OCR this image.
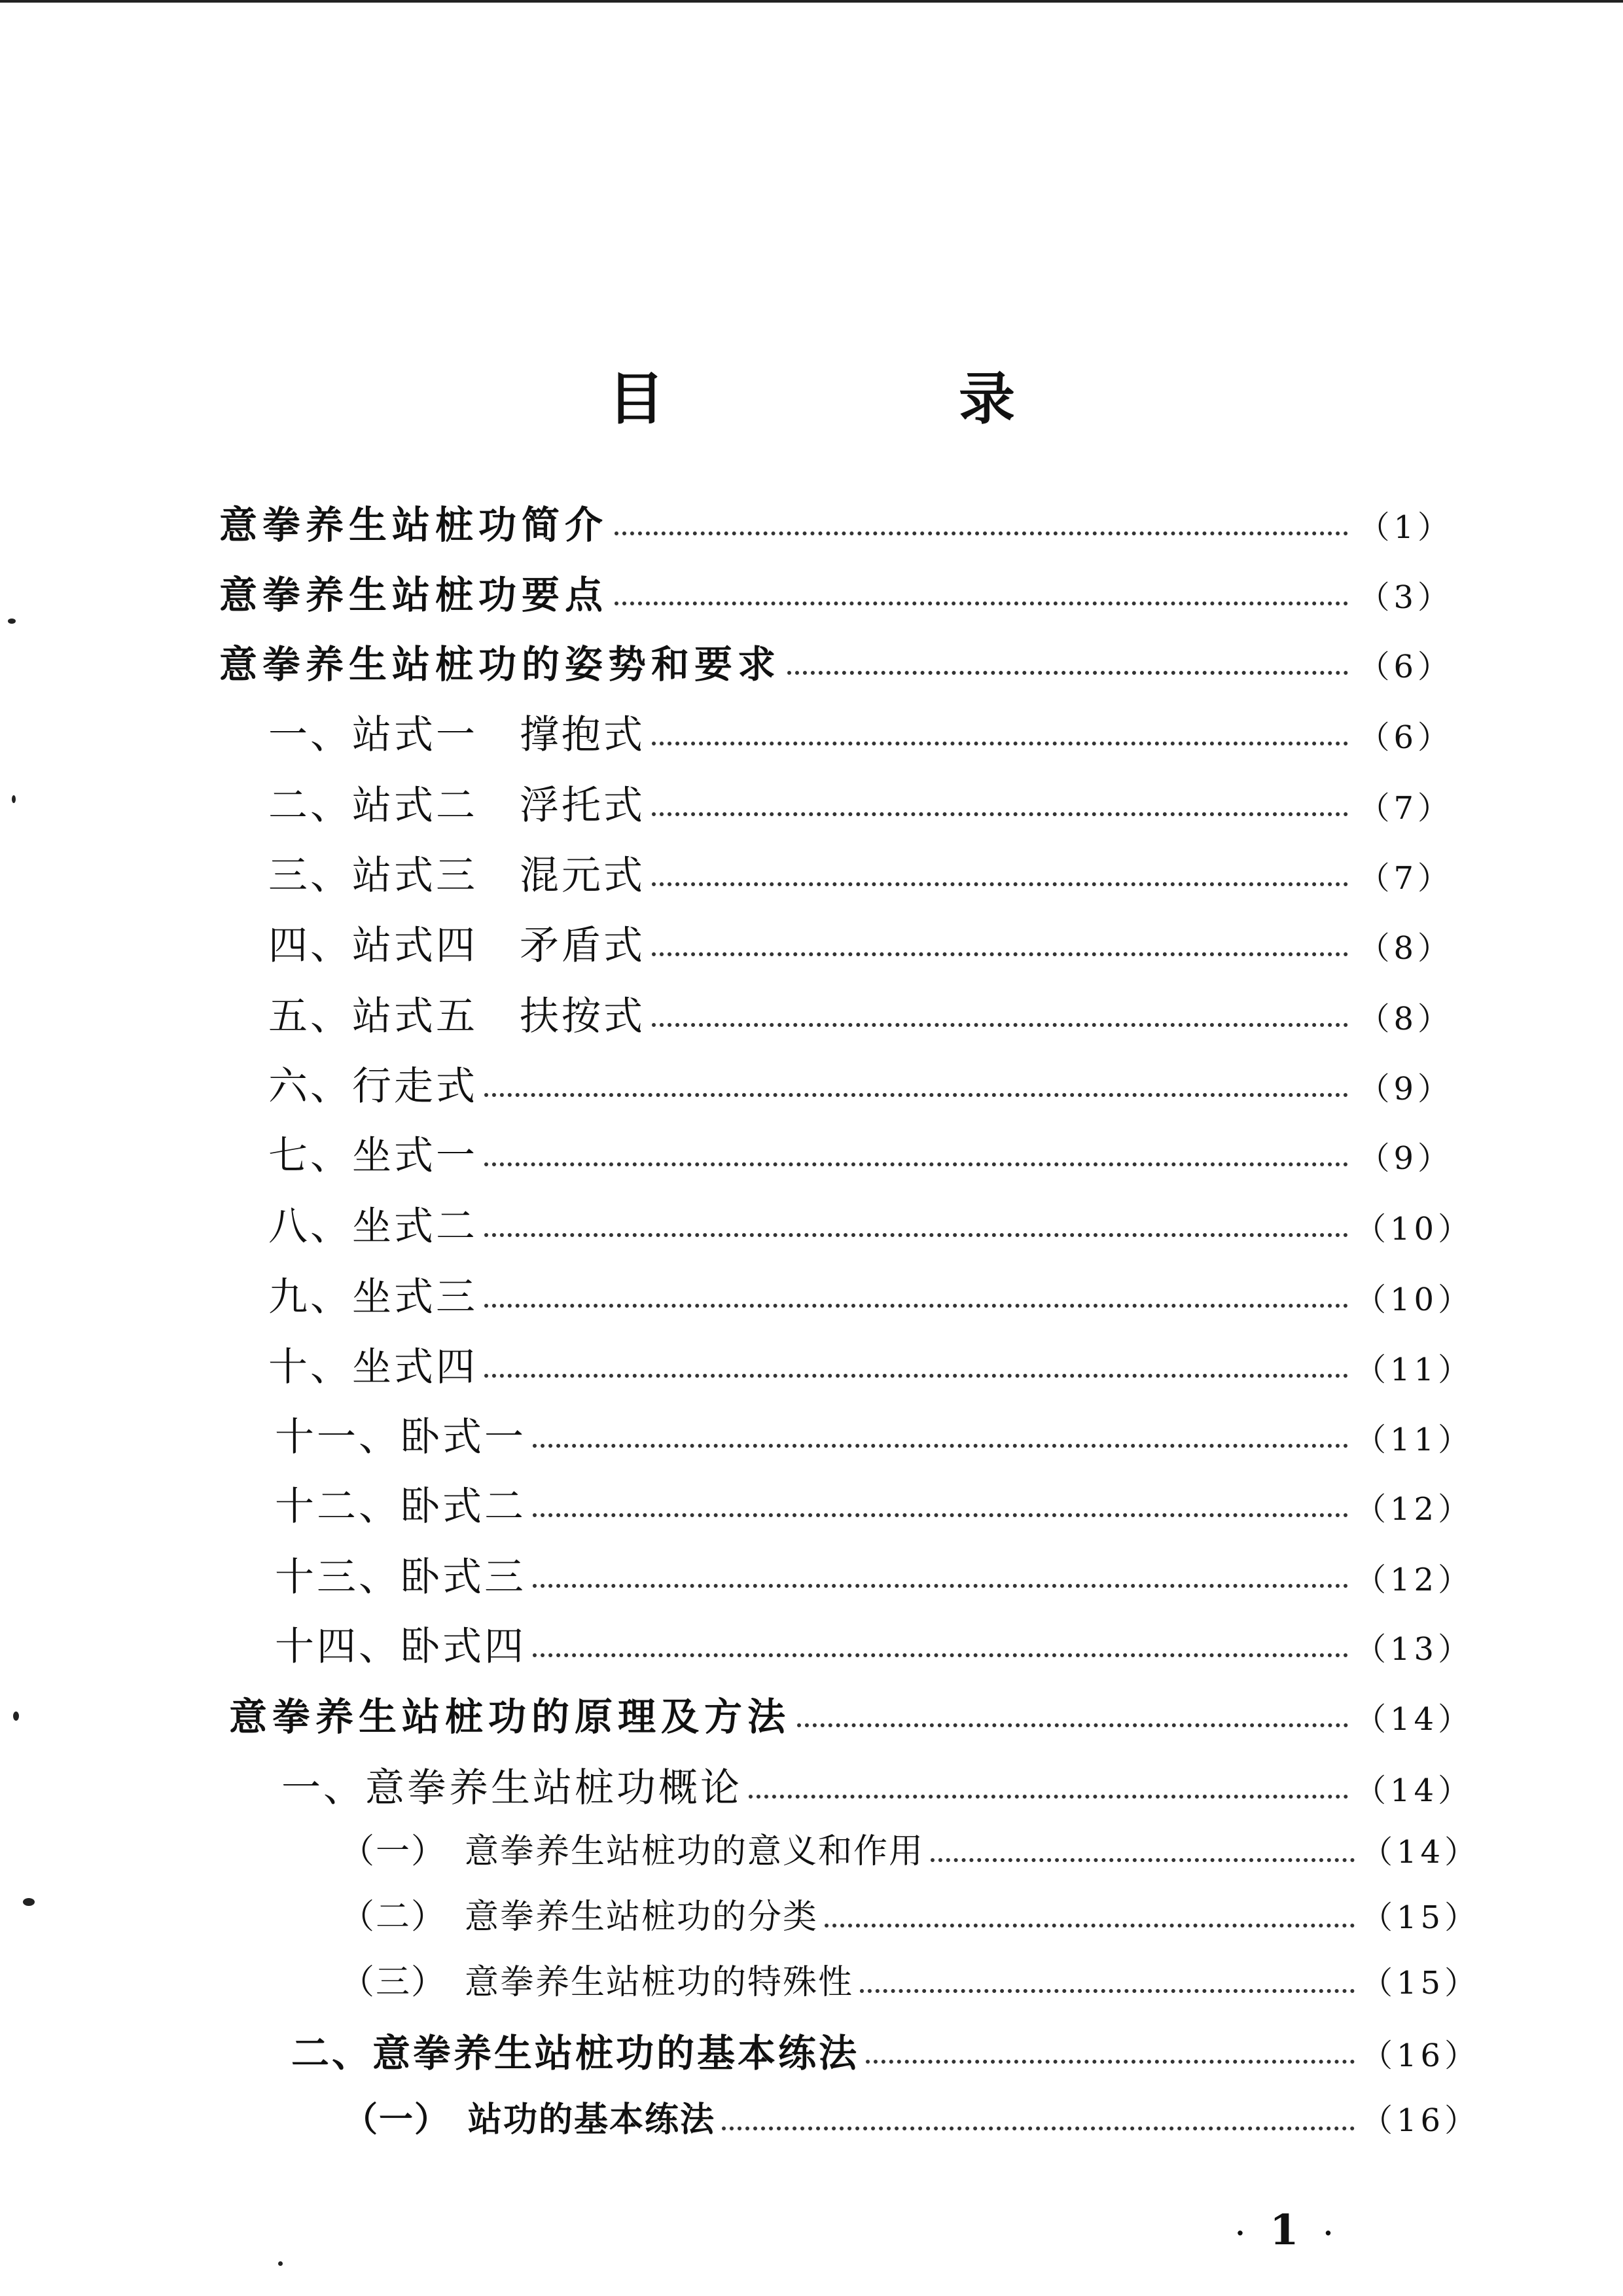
目 录
意拳养生站桩功简介	（1）
意拳养生站桩功要点	（3）
意拳养生站桩功的姿势和要求	（6）
一、站式一　撑抱式	（6）
二、站式二　浮托式	（7）
三、站式三　混元式	（7）
四、站式四　矛盾式	（8）
五、站式五　扶按式	（8）
六、行走式	（9）
七、坐式一	（9）
八、坐式二	（10）
九、坐式三	（10）
十、坐式四	（11）
十一、卧式一	（11）
十二、卧式二	（12）
十三、卧式三	（12）
十四、卧式四	（13）
意拳养生站桩功的原理及方法	（14）
一、意拳养生站桩功概论	（14）
（一）　意拳养生站桩功的意义和作用	（14）
（二）　意拳养生站桩功的分类	（15）
（三）　意拳养生站桩功的特殊性	（15）
二、意拳养生站桩功的基本练法	（16）
（一）　站功的基本练法	（16）
· 1 ·
